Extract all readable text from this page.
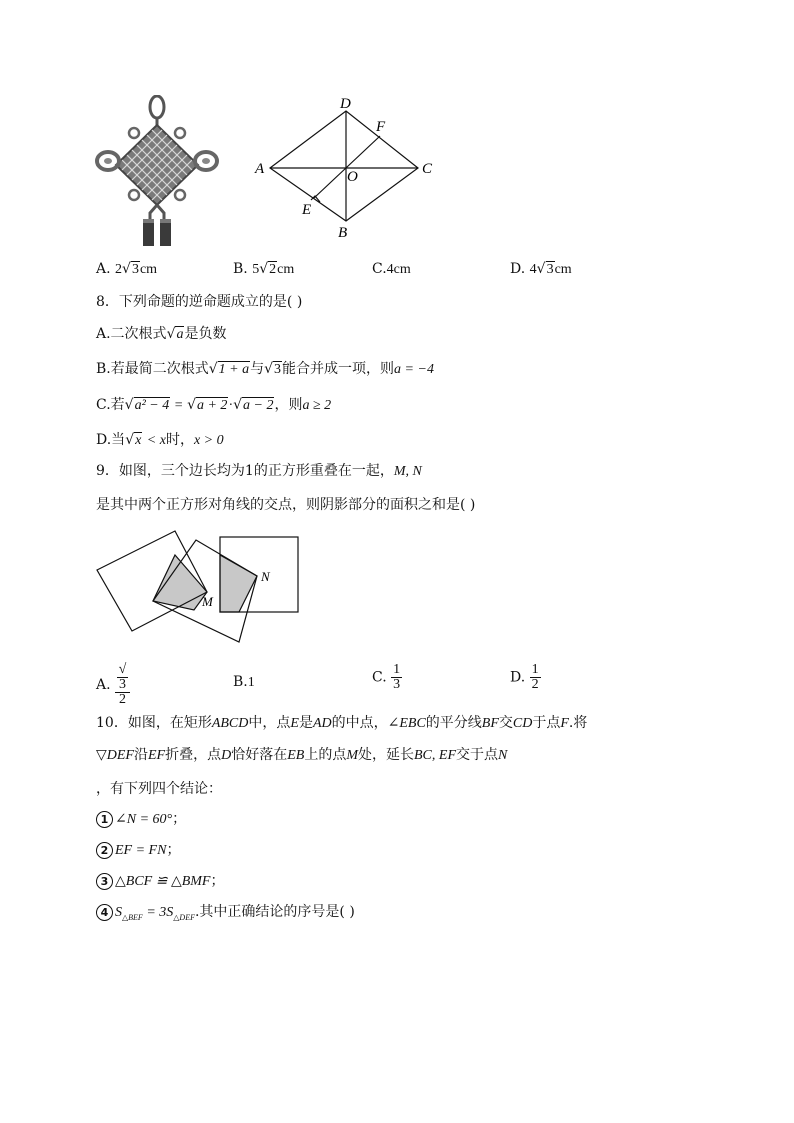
A
D
C
B
F
O
E
A. 2√3cm	B. 5√2cm	C.4cm	D. 4√3cm
8．下列命题的逆命题成立的是( )
A.二次根式√a是负数
B.若最简二次根式√1 + a与√3能合并成一项，则a = −4
C.若√a² − 4 = √a + 2·√a − 2，则a ≥ 2
D.当√x < x时，x > 0
9．如图，三个边长均为1的正方形重叠在一起，M, N
是其中两个正方形对角线的交点，则阴影部分的面积之和是( )
M
N
A. √
3
2	B.1	C. $\frac{1}{3}$	D. $\frac{1}{2}$
10．如图，在矩形ABCD中，点E是AD的中点，∠EBC的平分线BF交CD于点F.将
▽DEF沿EF折叠，点D恰好落在EB上的点M处，延长BC, EF交于点N
，有下列四个结论：
1 ∠N = 60°；
2 EF = FN；
3 △BCF ≌ △BMF；
4 $S_{\triangle BEF} = 3S_{\triangle DEF}$.其中正确结论的序号是( )
